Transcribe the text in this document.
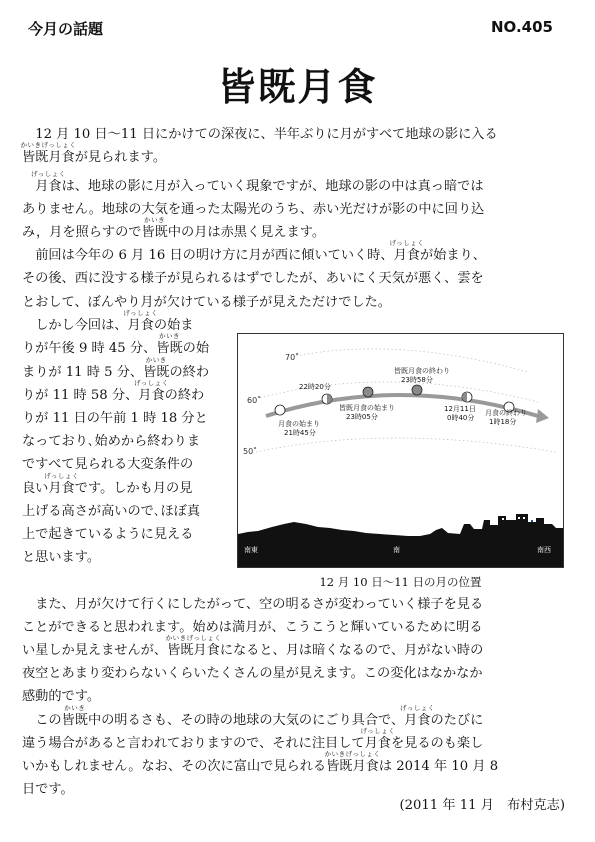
今月の話題	NO.405
皆既月食
　12 月 10 日～11 日にかけての深夜に、半年ぶりに月がすべて地球の影に入る
皆既月食
かいきげっしょく
が見られます。
　月食
げっしょく
は、地球の影に月が入っていく現象ですが、地球の影の中は真っ暗では
ありません。地球の大気を通った太陽光のうち、赤い光だけが影の中に回り込
み，月を照らすので皆既
かいき
中の月は赤黒く見えます。
　前回は今年の 6 月 16 日の明け方に月が西に傾いていく時、月食
げっしょく
が始まり、
その後、西に没する様子が見られるはずでしたが、あいにく天気が悪く、雲を
とおして、ぼんやり月が欠けている様子が見えただけでした。
　しかし今回は、月食
げっしょく
の始ま
りが午後 9 時 45 分、皆既
かいき
の始
まりが 11 時 5 分、皆既
かいき
の終わ
りが 11 時 58 分、月食
げっしょく
の終わ
りが 11 日の午前 1 時 18 分と
なっており､始めから終わりま
ですべて見られる大変条件の
良い月食
げっしょく
です。しかも月の見
上げる高さが高いので､ほぼ真
上で起きているように見える
と思います。
70˚
60˚
50˚
月食の始まり
21時45分
22時20分
皆既月食の始まり
23時05分
皆既月食の終わり
23時58分
12月11日
0時40分
月食の終わり
1時18分
南東	南	南西
12 月 10 日～11 日の月の位置
　また、月が欠けて行くにしたがって、空の明るさが変わっていく様子を見る
ことができると思われます。始めは満月が、こうこうと輝いているために明る
い星しか見えませんが、皆既月食
かいきげっしょく
になると、月は暗くなるので、月がない時の
夜空とあまり変わらないくらいたくさんの星が見えます。この変化はなかなか
感動的です。
　この皆既
かいき
中の明るさも、その時の地球の大気のにごり具合で、月食
げっしょく
のたびに
違う場合があると言われておりますので、それに注目して月食
げっしょく
を見るのも楽し
いかもしれません。なお、その次に富山で見られる皆既月食
かいきげっしょく
は 2014 年 10 月 8
日です。
(2011 年 11 月　布村克志)
